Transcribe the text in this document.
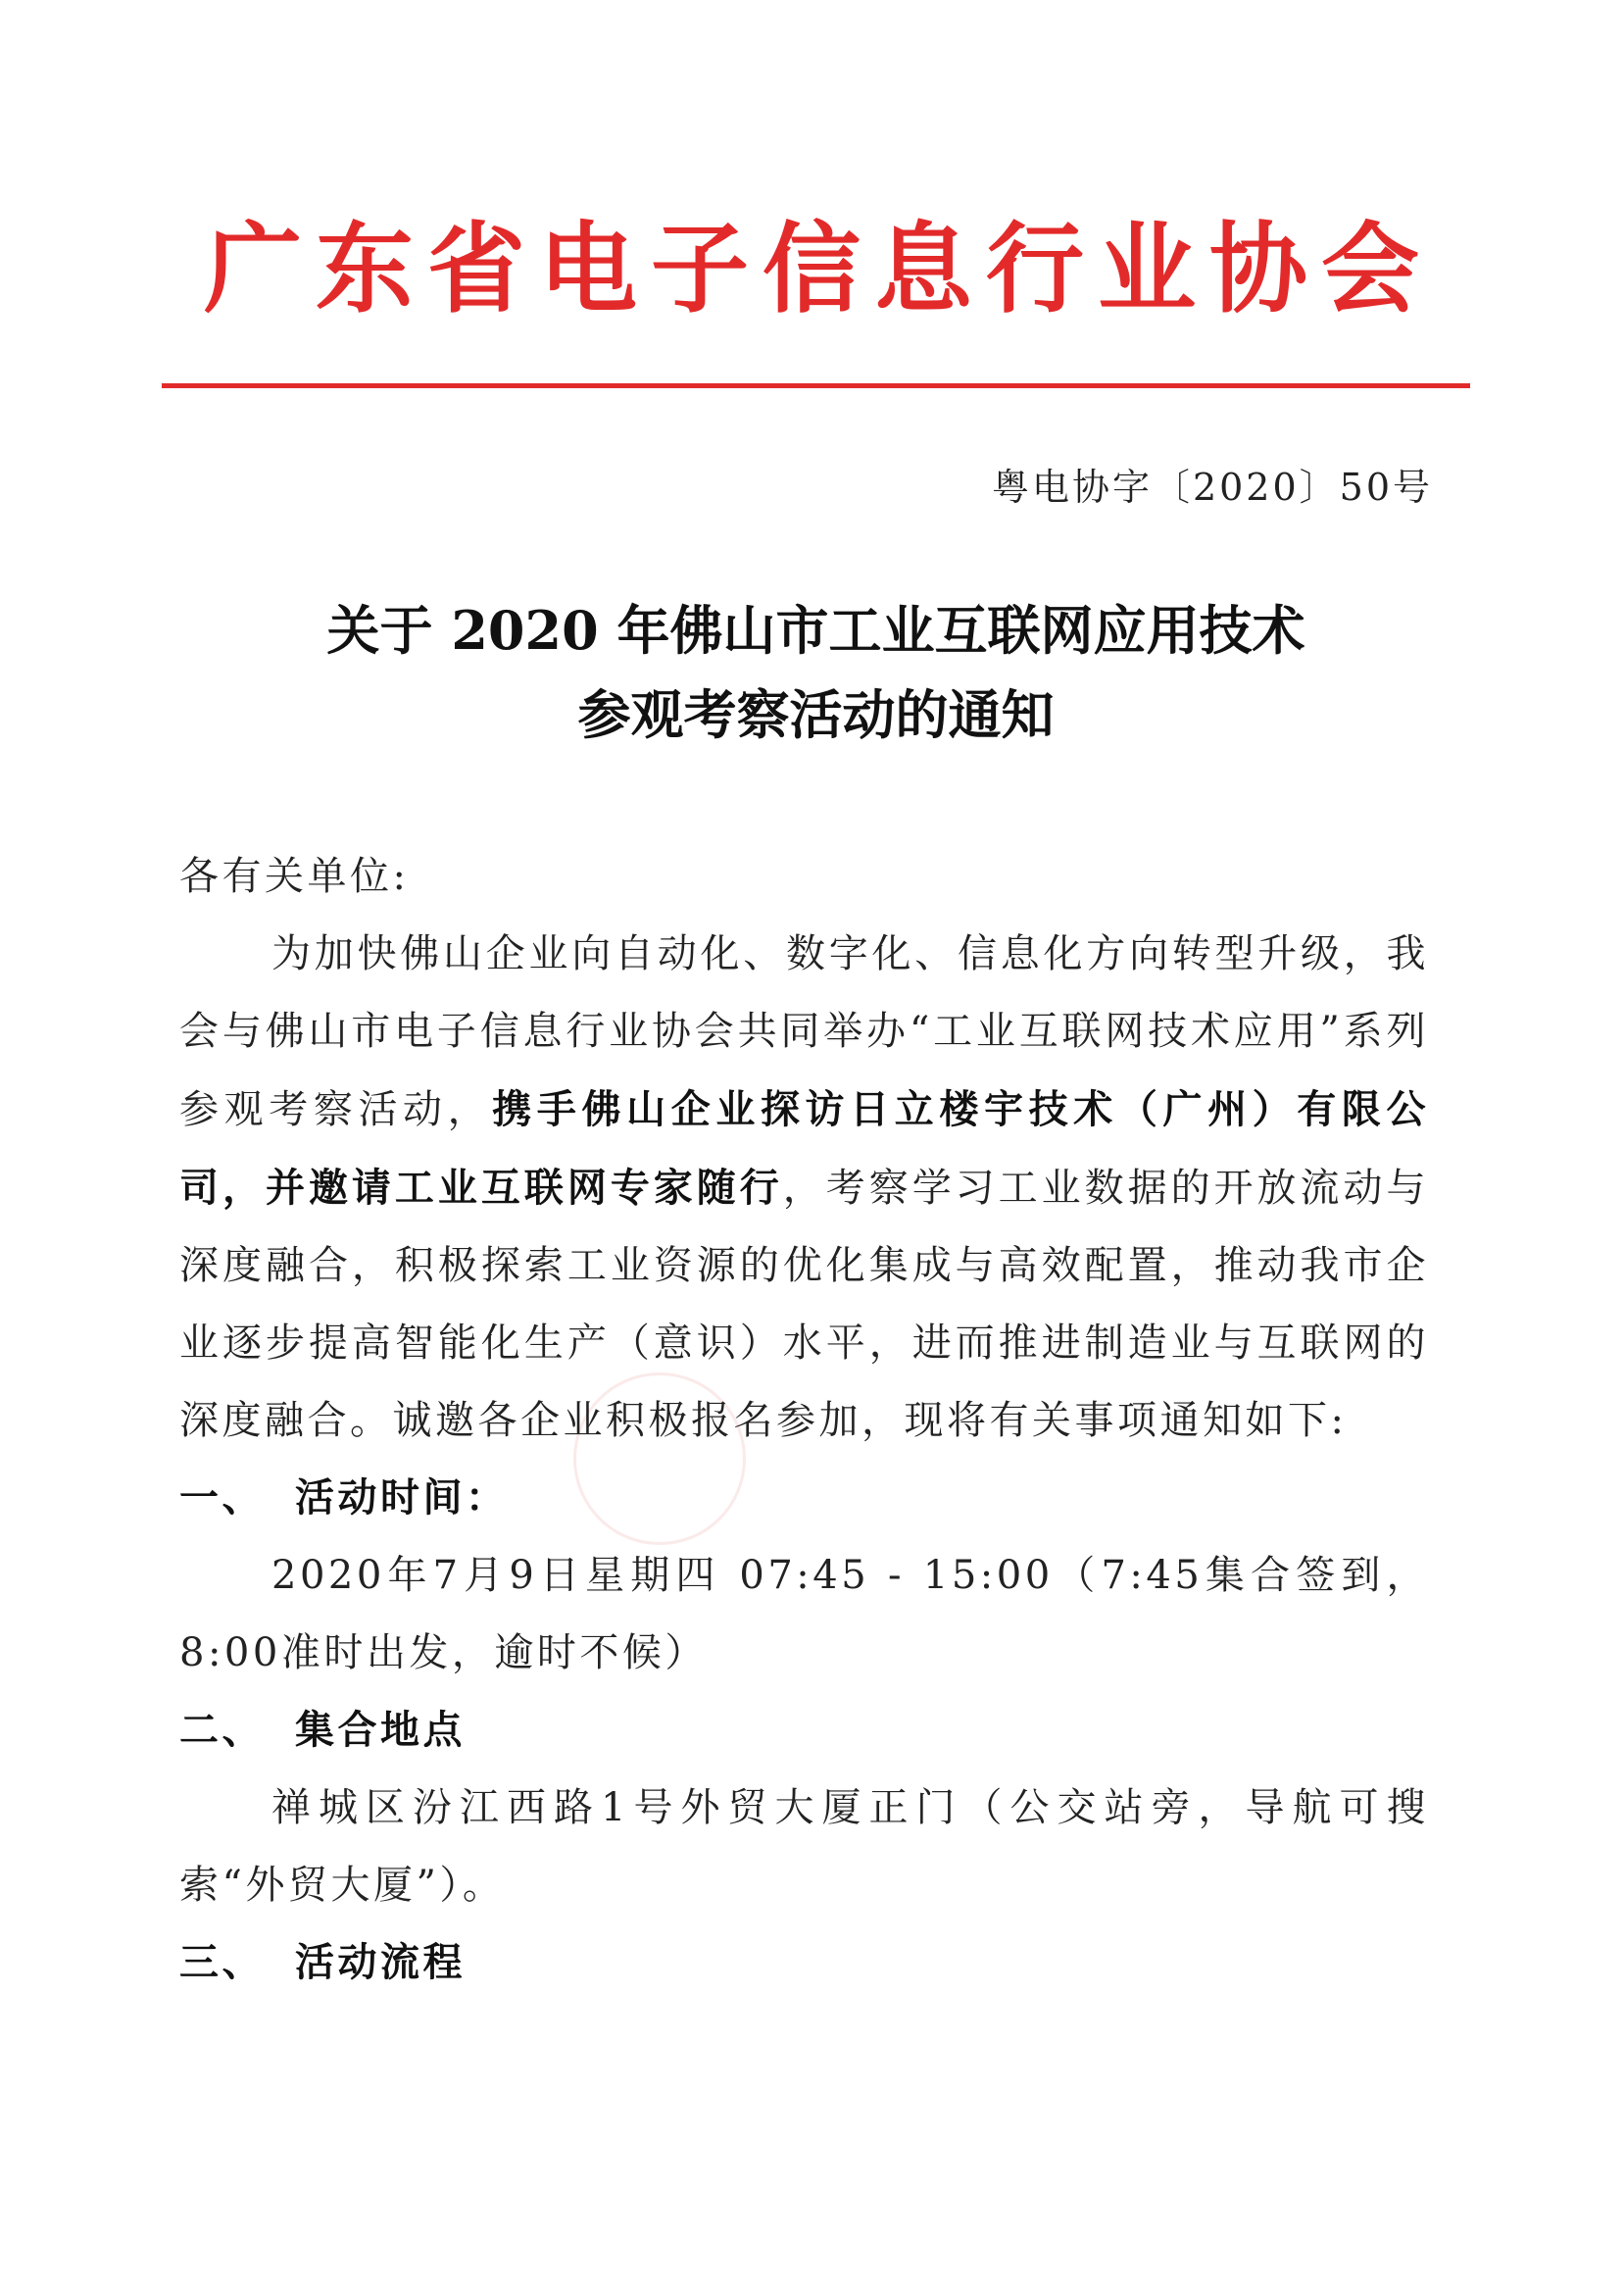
广东省电子信息行业协会
粤电协字〔2020〕50号
关于 2020 年佛山市工业互联网应用技术
参观考察活动的通知

各有关单位:

为加快佛山企业向自动化、数字化、信息化方向转型升级，我会与佛山市电子信息行业协会共同举办“工业互联网技术应用”系列参观考察活动，携手佛山企业探访日立楼宇技术（广州）有限公司，并邀请工业互联网专家随行，考察学习工业数据的开放流动与深度融合，积极探索工业资源的优化集成与高效配置，推动我市企业逐步提高智能化生产（意识）水平，进而推进制造业与互联网的深度融合。诚邀各企业积极报名参加，现将有关事项通知如下:

一、 活动时间：

2020年7月9日星期四 07:45 - 15:00（7:45集合签到，8:00准时出发，逾时不候）

二、 集合地点

禅城区汾江西路1号外贸大厦正门（公交站旁，导航可搜索“外贸大厦”）。

三、 活动流程
